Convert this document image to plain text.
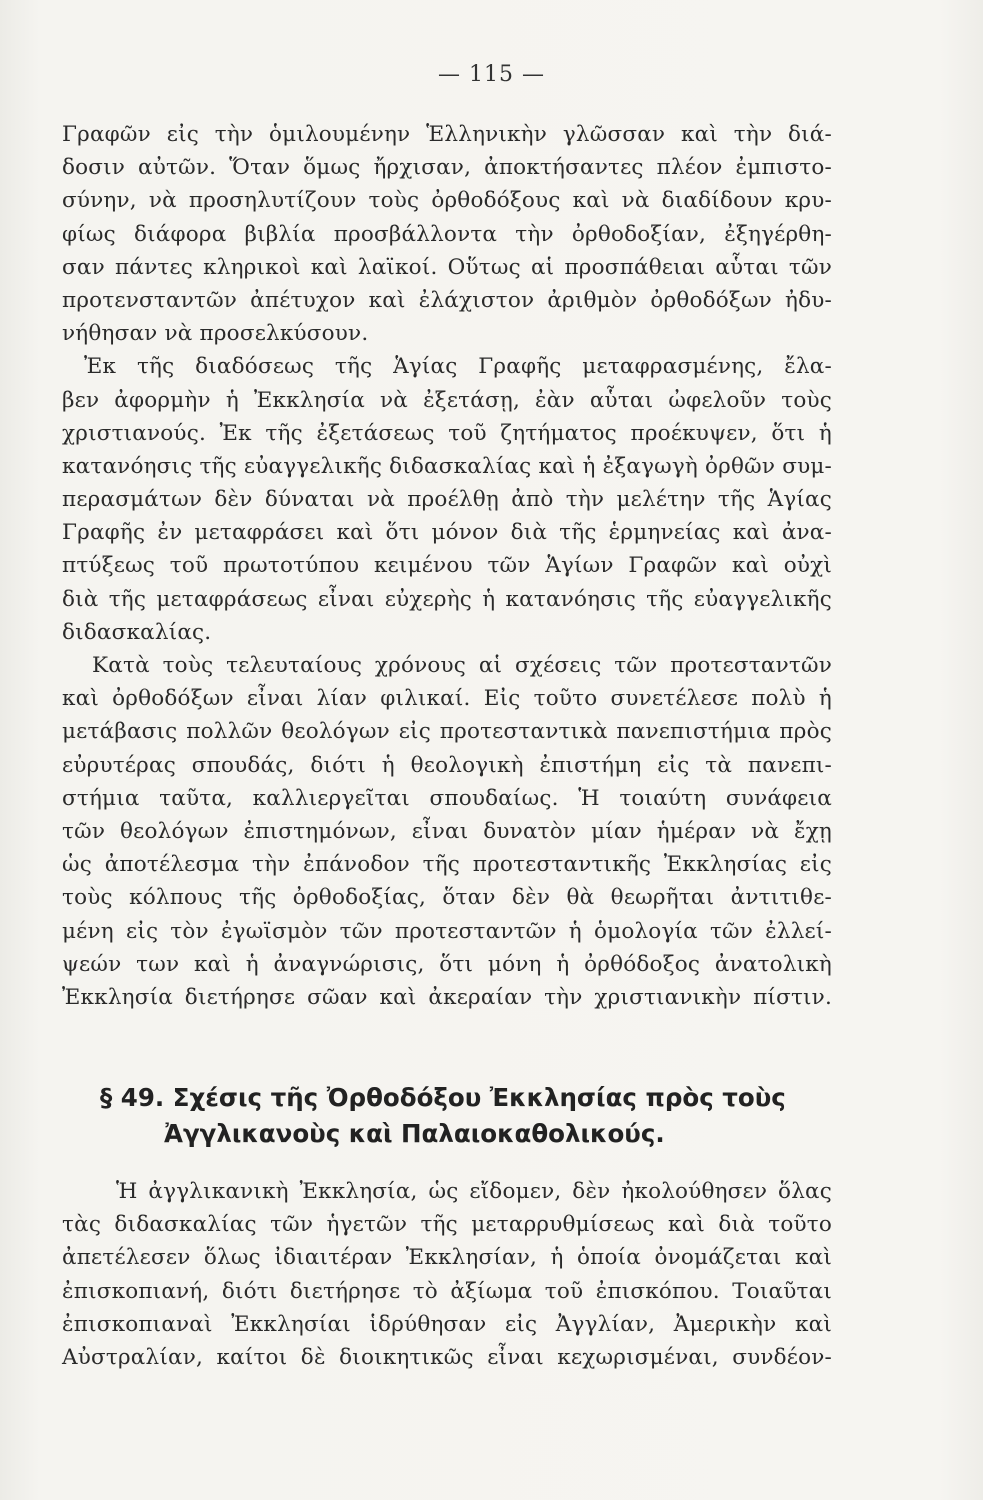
— 115 —
Γραφῶν εἰς τὴν ὁμιλουμένην Ἑλληνικὴν γλῶσσαν καὶ τὴν διά-
δοσιν αὐτῶν. Ὅταν ὅμως ἤρχισαν, ἀποκτήσαντες πλέον ἐμπιστο-
σύνην, νὰ προσηλυτίζουν τοὺς ὀρθοδόξους καὶ νὰ διαδίδουν κρυ-
φίως διάφορα βιβλία προσβάλλοντα τὴν ὀρθοδοξίαν, ἐξηγέρθη-
σαν πάντες κληρικοὶ καὶ λαϊκοί. Οὕτως αἱ προσπάθειαι αὗται τῶν
προτενσταντῶν ἀπέτυχον καὶ ἐλάχιστον ἀριθμὸν ὀρθοδόξων ἠδυ-
νήθησαν νὰ προσελκύσουν.
Ἐκ τῆς διαδόσεως τῆς Ἁγίας Γραφῆς μεταφρασμένης, ἔλα-
βεν ἀφορμὴν ἡ Ἐκκλησία νὰ ἐξετάσῃ, ἐὰν αὗται ὠφελοῦν τοὺς
χριστιανούς. Ἐκ τῆς ἐξετάσεως τοῦ ζητήματος προέκυψεν, ὅτι ἡ
κατανόησις τῆς εὐαγγελικῆς διδασκαλίας καὶ ἡ ἐξαγωγὴ ὀρθῶν συμ-
περασμάτων δὲν δύναται νὰ προέλθῃ ἀπὸ τὴν μελέτην τῆς Ἁγίας
Γραφῆς ἐν μεταφράσει καὶ ὅτι μόνον διὰ τῆς ἑρμηνείας καὶ ἀνα-
πτύξεως τοῦ πρωτοτύπου κειμένου τῶν Ἁγίων Γραφῶν καὶ οὐχὶ
διὰ τῆς μεταφράσεως εἶναι εὐχερὴς ἡ κατανόησις τῆς εὐαγγελικῆς
διδασκαλίας.
Κατὰ τοὺς τελευταίους χρόνους αἱ σχέσεις τῶν προτεσταντῶν
καὶ ὀρθοδόξων εἶναι λίαν φιλικαί. Εἰς τοῦτο συνετέλεσε πολὺ ἡ
μετάβασις πολλῶν θεολόγων εἰς προτεσταντικὰ πανεπιστήμια πρὸς
εὐρυτέρας σπουδάς, διότι ἡ θεολογικὴ ἐπιστήμη εἰς τὰ πανεπι-
στήμια ταῦτα, καλλιεργεῖται σπουδαίως. Ἡ τοιαύτη συνάφεια
τῶν θεολόγων ἐπιστημόνων, εἶναι δυνατὸν μίαν ἡμέραν νὰ ἔχῃ
ὡς ἀποτέλεσμα τὴν ἐπάνοδον τῆς προτεσταντικῆς Ἐκκλησίας εἰς
τοὺς κόλπους τῆς ὀρθοδοξίας, ὅταν δὲν θὰ θεωρῆται ἀντιτιθε-
μένη εἰς τὸν ἐγωϊσμὸν τῶν προτεσταντῶν ἡ ὁμολογία τῶν ἐλλεί-
ψεών των καὶ ἡ ἀναγνώρισις, ὅτι μόνη ἡ ὀρθόδοξος ἀνατολικὴ
Ἐκκλησία διετήρησε σῶαν καὶ ἀκεραίαν τὴν χριστιανικὴν πίστιν.
§ 49. Σχέσις τῆς Ὀρθοδόξου Ἐκκλησίας πρὸς τοὺς
Ἀγγλικανοὺς καὶ Παλαιοκαθολικούς.
Ἡ ἀγγλικανικὴ Ἐκκλησία, ὡς εἴδομεν, δὲν ἠκολούθησεν ὅλας
τὰς διδασκαλίας τῶν ἡγετῶν τῆς μεταρρυθμίσεως καὶ διὰ τοῦτο
ἀπετέλεσεν ὅλως ἰδιαιτέραν Ἐκκλησίαν, ἡ ὁποία ὀνομάζεται καὶ
ἐπισκοπιανή, διότι διετήρησε τὸ ἀξίωμα τοῦ ἐπισκόπου. Τοιαῦται
ἐπισκοπιαναὶ Ἐκκλησίαι ἱδρύθησαν εἰς Ἀγγλίαν, Ἀμερικὴν καὶ
Αὐστραλίαν, καίτοι δὲ διοικητικῶς εἶναι κεχωρισμέναι, συνδέον-
